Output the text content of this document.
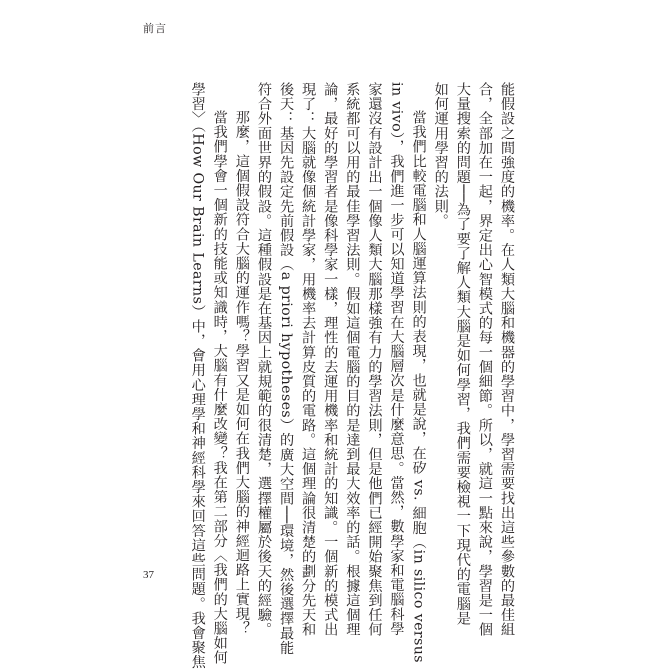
前言
能假設之間強度的機率。在人類大腦和機器的學習中，學習需要找出這些參數的最佳組
合，全部加在一起，界定出心智模式的每一個細節。所以，就這一點來說，學習是一個
大量搜索的問題──為了要了解人類大腦是如何學習，我們需要檢視一下現代的電腦是
如何運用學習的法則。
當我們比較電腦和人腦運算法則的表現，也就是說，在矽 vs. 細胞（in silico versus
in vivo），我們進一步可以知道學習在大腦層次是什麼意思。當然，數學家和電腦科學
家還沒有設計出一個像人類大腦那樣強有力的學習法則，但是他們已經開始聚焦到任何
系統都可以用的最佳學習法則。假如這個電腦的目的是達到最大效率的話。根據這個理
論，最好的學習者是像科學家一樣，理性的去運用機率和統計的知識。一個新的模式出
現了：大腦就像個統計學家，用機率去計算皮質的電路。這個理論很清楚的劃分先天和
後天：基因先設定先前假設（a priori hypotheses）的廣大空間──環境，然後選擇最能
符合外面世界的假設。這種假設是在基因上就規範的很清楚，選擇權屬於後天的經驗。
那麼，這個假設符合大腦的運作嗎？學習又是如何在我們大腦的神經迴路上實現？
當我們學會一個新的技能或知識時，大腦有什麼改變？我在第二部分〈我們的大腦如何
學習〉（How Our Brain Learns）中，會用心理學和神經科學來回答這些問題。我會聚焦
37
